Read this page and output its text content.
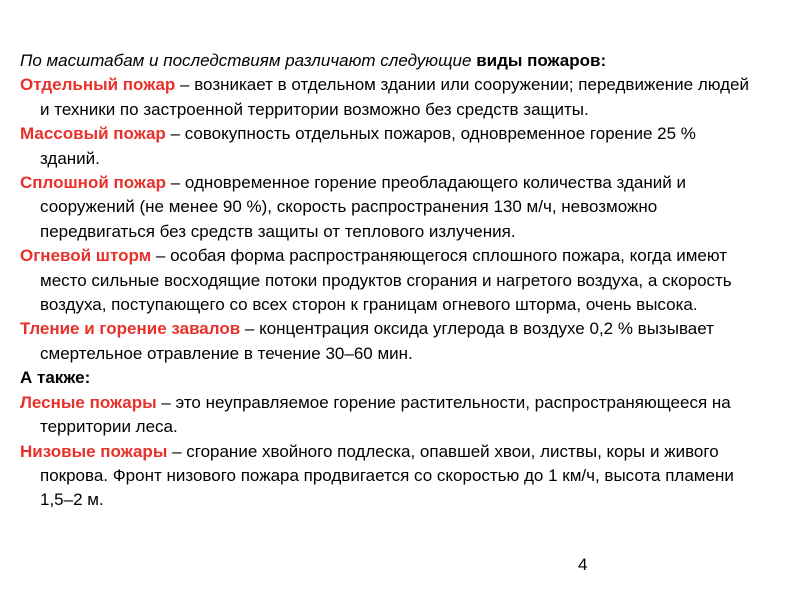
По масштабам и последствиям различают следующие виды пожаров:

Отдельный пожар – возникает в отдельном здании или сооружении; передвижение людей и техники по застроенной территории возможно без средств защиты.

Массовый пожар – совокупность отдельных пожаров, одновременное горение 25 % зданий.

Сплошной пожар – одновременное горение преобладающего количества зданий и сооружений (не менее 90 %), скорость распространения 130 м/ч, невозможно передвигаться без средств защиты от теплового излучения.

Огневой шторм – особая форма распространяющегося сплошного пожара, когда имеют место сильные восходящие потоки продуктов сгорания и нагретого воздуха, а скорость воздуха, поступающего со всех сторон к границам огневого шторма, очень высока.

Тление и горение завалов – концентрация оксида углерода в воздухе 0,2 % вызывает смертельное отравление в течение 30–60 мин.

А также:

Лесные пожары – это неуправляемое горение растительности, распространяющееся на территории леса.

Низовые пожары – сгорание хвойного подлеска, опавшей хвои, листвы, коры и живого покрова. Фронт низового пожара продвигается со скоростью до 1 км/ч, высота пламени 1,5–2 м.

4
